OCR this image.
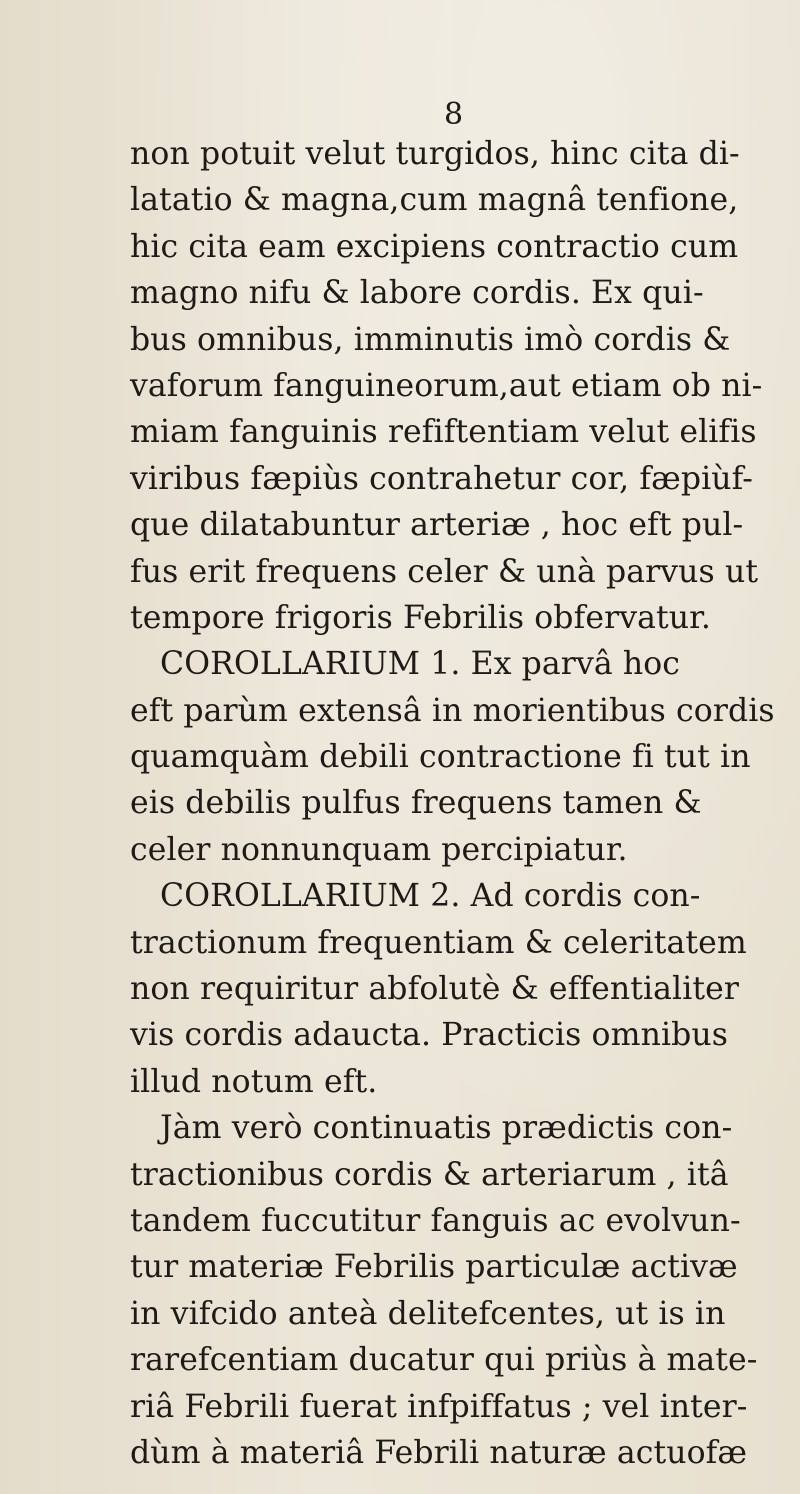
8

non potuit velut turgidos, hinc cita di-
latatio & magna,cum magnâ tenfione,
hic cita eam excipiens contractio cum
magno nifu & labore cordis. Ex qui-
bus omnibus, imminutis imò cordis &
vaforum fanguineorum,aut etiam ob ni-
miam fanguinis refiftentiam velut elifis
viribus fæpiùs contrahetur cor, fæpiùf-
que dilatabuntur arteriæ , hoc eft pul-
fus erit frequens celer & unà parvus ut
tempore frigoris Febrilis obfervatur.
COROLLARIUM 1. Ex parvâ hoc
eft parùm extensâ in morientibus cordis
quamquàm debili contractione fi tut in
eis debilis pulfus frequens tamen &
celer nonnunquam percipiatur.
COROLLARIUM 2. Ad cordis con-
tractionum frequentiam & celeritatem
non requiritur abfolutè & effentialiter
vis cordis adaucta. Practicis omnibus
illud notum eft.
Jàm verò continuatis prædictis con-
tractionibus cordis & arteriarum , itâ
tandem fuccutitur fanguis ac evolvun-
tur materiæ Febrilis particulæ activæ
in vifcido anteà delitefcentes, ut is in
rarefcentiam ducatur qui priùs à mate-
riâ Febrili fuerat infpiffatus ; vel inter-
dùm à materiâ Febrili naturæ actuofæ
